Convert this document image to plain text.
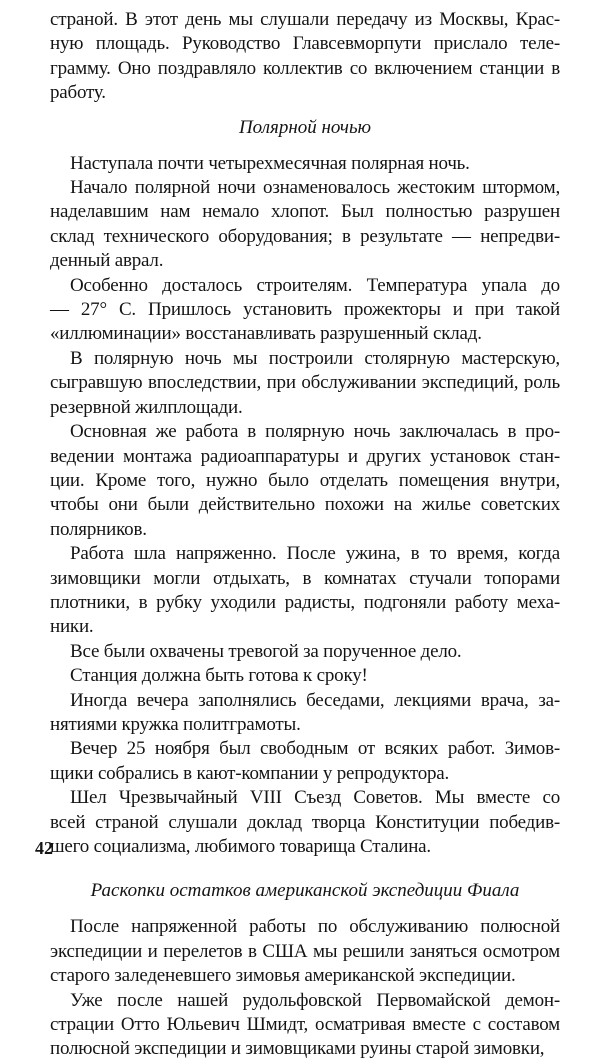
страной. В этот день мы слушали передачу из Москвы, Крас-
ную площадь. Руководство Главсевморпути прислало теле-
грамму. Оно поздравляло коллектив со включением станции в
работу.
Полярной ночью
Наступала почти четырехмесячная полярная ночь.
Начало полярной ночи ознаменовалось жестоким штормом,
наделавшим нам немало хлопот. Был полностью разрушен
склад технического оборудования; в результате — непредви-
денный аврал.
Особенно досталось строителям. Температура упала до
— 27° С. Пришлось установить прожекторы и при такой
«иллюминации» восстанавливать разрушенный склад.
В полярную ночь мы построили столярную мастерскую,
сыгравшую впоследствии, при обслуживании экспедиций, роль
резервной жилплощади.
Основная же работа в полярную ночь заключалась в про-
ведении монтажа радиоаппаратуры и других установок стан-
ции. Кроме того, нужно было отделать помещения внутри,
чтобы они были действительно похожи на жилье советских
полярников.
Работа шла напряженно. После ужина, в то время, когда
зимовщики могли отдыхать, в комнатах стучали топорами
плотники, в рубку уходили радисты, подгоняли работу меха-
ники.
Все были охвачены тревогой за порученное дело.
Станция должна быть готова к сроку!
Иногда вечера заполнялись беседами, лекциями врача, за-
нятиями кружка политграмоты.
Вечер 25 ноября был свободным от всяких работ. Зимов-
щики собрались в кают-компании у репродуктора.
Шел Чрезвычайный VIII Съезд Советов. Мы вместе со
всей страной слушали доклад творца Конституции победив-
шего социализма, любимого товарища Сталина.
Раскопки остатков американской экспедиции Фиала
После напряженной работы по обслуживанию полюсной
экспедиции и перелетов в США мы решили заняться осмотром
старого заледеневшего зимовья американской экспедиции.
Уже после нашей рудольфовской Первомайской демон-
страции Отто Юльевич Шмидт, осматривая вместе с составом
полюсной экспедиции и зимовщиками руины старой зимовки,
42
